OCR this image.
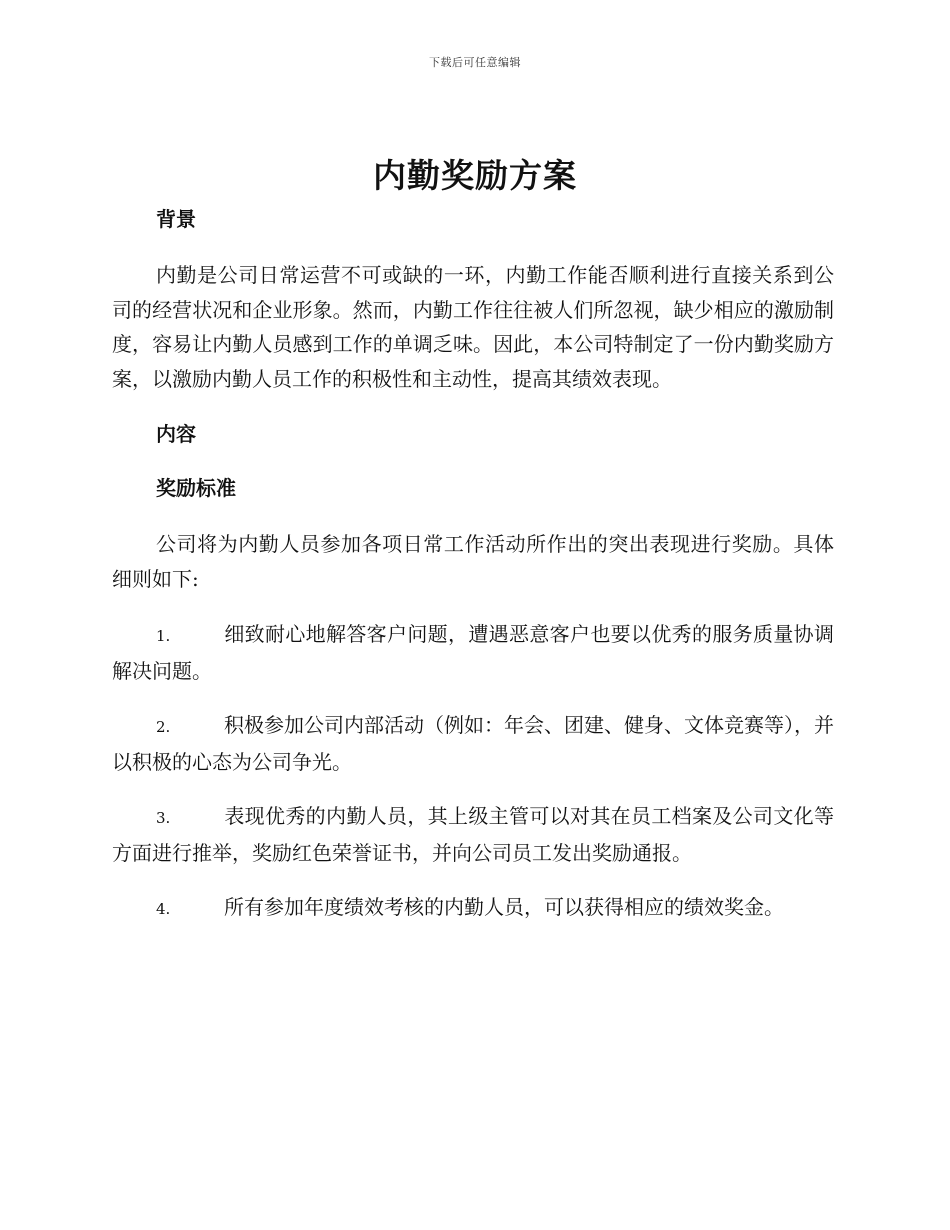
下载后可任意编辑
内勤奖励方案

背景

内勤是公司日常运营不可或缺的一环，内勤工作能否顺利进行直接关系到公司的经营状况和企业形象。然而，内勤工作往往被人们所忽视，缺少相应的激励制度，容易让内勤人员感到工作的单调乏味。因此，本公司特制定了一份内勤奖励方案，以激励内勤人员工作的积极性和主动性，提高其绩效表现。

内容

奖励标准

公司将为内勤人员参加各项日常工作活动所作出的突出表现进行奖励。具体细则如下:

1.	细致耐心地解答客户问题，遭遇恶意客户也要以优秀的服务质量协调解决问题。

2.	积极参加公司内部活动（例如：年会、团建、健身、文体竞赛等），并以积极的心态为公司争光。

3.	表现优秀的内勤人员，其上级主管可以对其在员工档案及公司文化等方面进行推举，奖励红色荣誉证书，并向公司员工发出奖励通报。

4.	所有参加年度绩效考核的内勤人员，可以获得相应的绩效奖金。
